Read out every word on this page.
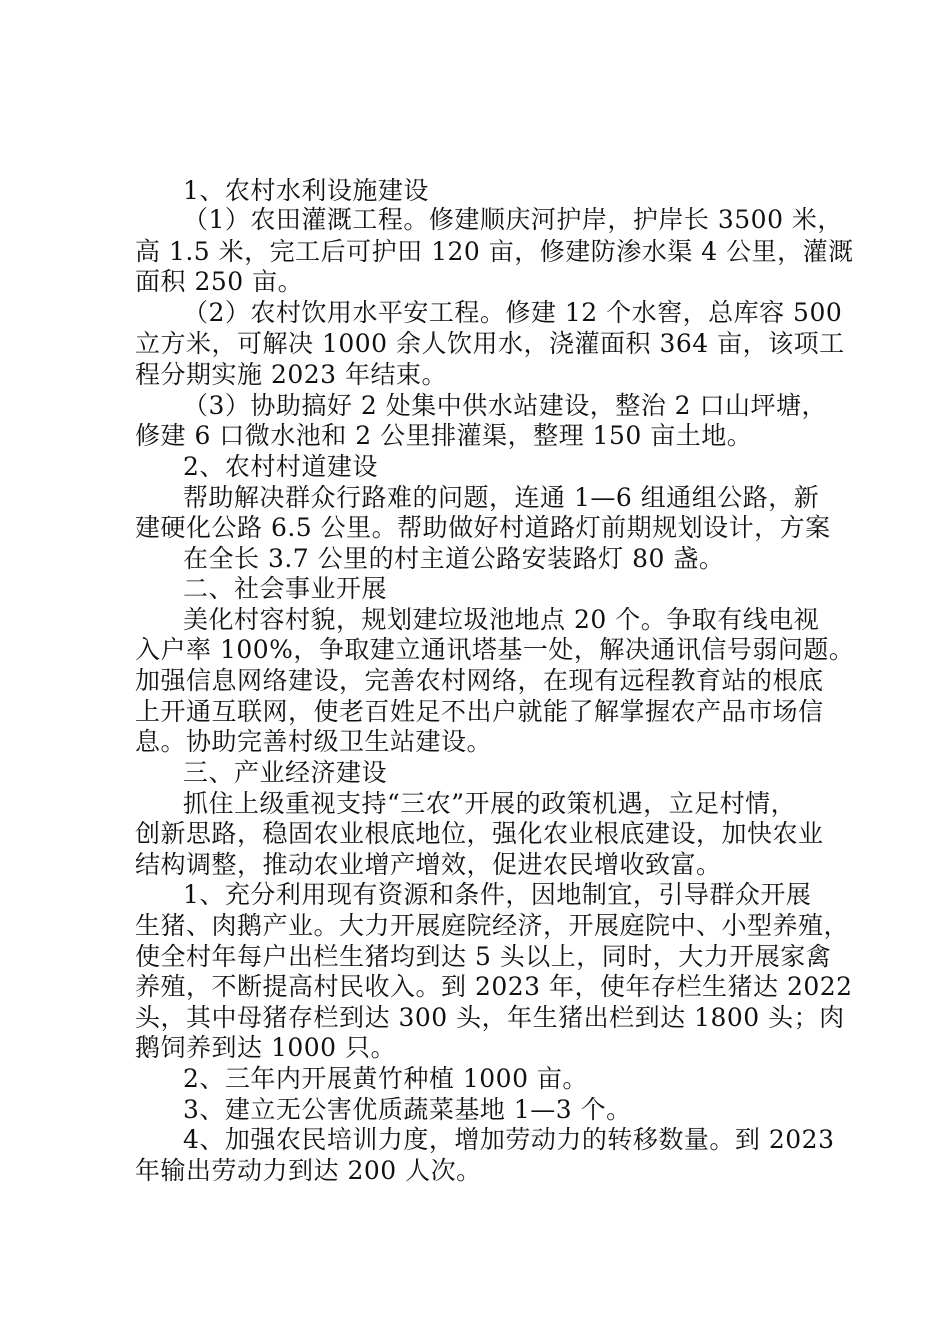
1、农村水利设施建设
（1）农田灌溉工程。修建顺庆河护岸，护岸长 3500 米，
高 1.5 米，完工后可护田 120 亩，修建防渗水渠 4 公里，灌溉
面积 250 亩。
（2）农村饮用水平安工程。修建 12 个水窖，总库容 500
立方米，可解决 1000 余人饮用水，浇灌面积 364 亩，该项工
程分期实施 2023 年结束。
（3）协助搞好 2 处集中供水站建设，整治 2 口山坪塘，
修建 6 口微水池和 2 公里排灌渠，整理 150 亩土地。
2、农村村道建设
帮助解决群众行路难的问题，连通 1—6 组通组公路，新
建硬化公路 6.5 公里。帮助做好村道路灯前期规划设计，方案
在全长 3.7 公里的村主道公路安装路灯 80 盏。
二、社会事业开展
美化村容村貌，规划建垃圾池地点 20 个。争取有线电视
入户率 100%，争取建立通讯塔基一处，解决通讯信号弱问题。
加强信息网络建设，完善农村网络，在现有远程教育站的根底
上开通互联网，使老百姓足不出户就能了解掌握农产品市场信
息。协助完善村级卫生站建设。
三、产业经济建设
抓住上级重视支持“三农”开展的政策机遇，立足村情，
创新思路，稳固农业根底地位，强化农业根底建设，加快农业
结构调整，推动农业增产增效，促进农民增收致富。
1、充分利用现有资源和条件，因地制宜，引导群众开展
生猪、肉鹅产业。大力开展庭院经济，开展庭院中、小型养殖，
使全村年每户出栏生猪均到达 5 头以上，同时，大力开展家禽
养殖，不断提高村民收入。到 2023 年，使年存栏生猪达 2022
头，其中母猪存栏到达 300 头，年生猪出栏到达 1800 头；肉
鹅饲养到达 1000 只。
2、三年内开展黄竹种植 1000 亩。
3、建立无公害优质蔬菜基地 1—3 个。
4、加强农民培训力度，增加劳动力的转移数量。到 2023
年输出劳动力到达 200 人次。
